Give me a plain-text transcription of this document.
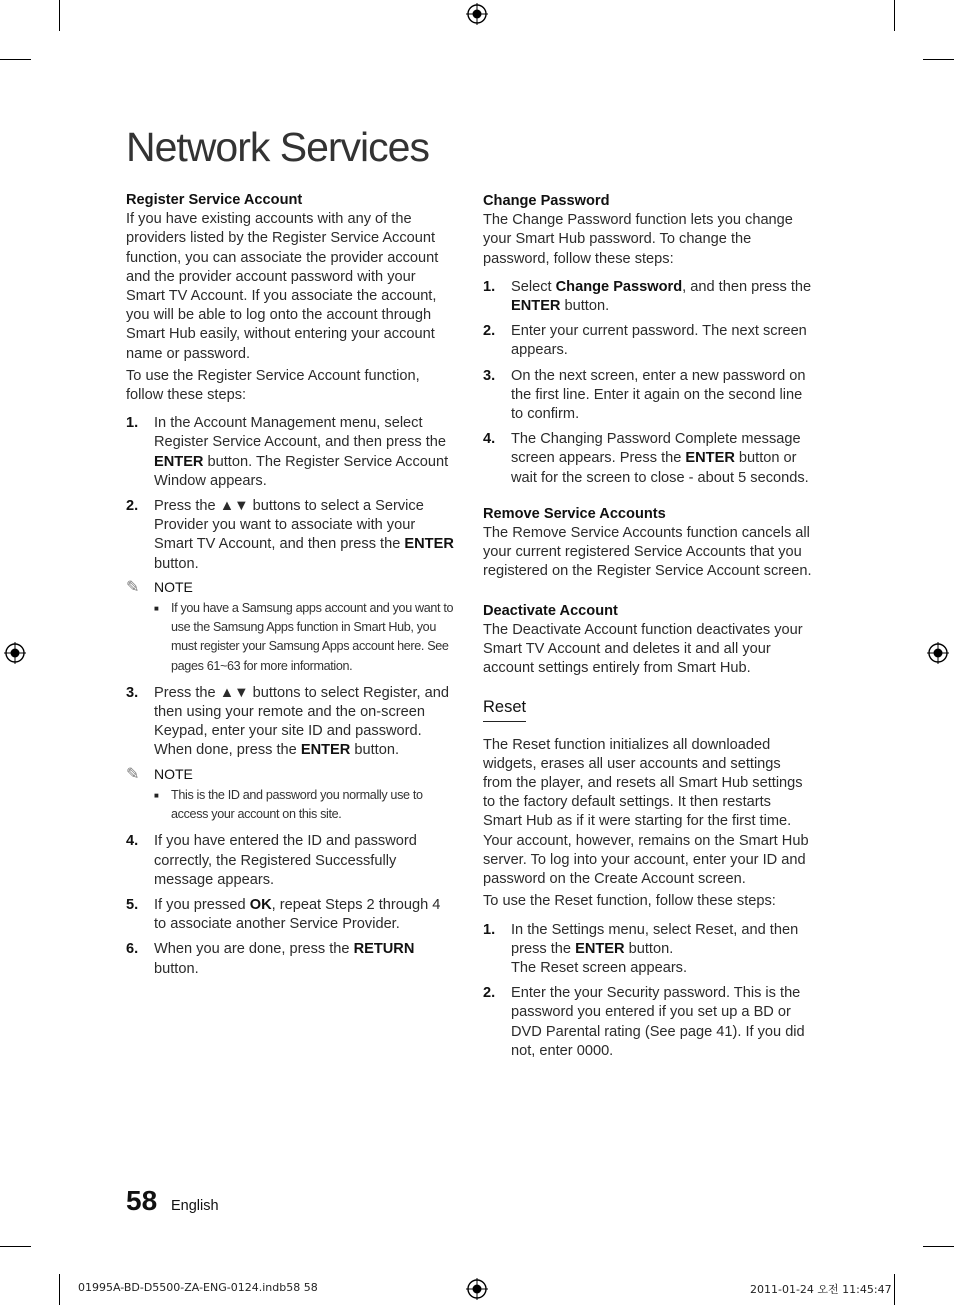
Network Services

Register Service Account

If you have existing accounts with any of the providers listed by the Register Service Account function, you can associate the provider account and the provider account password with your Smart TV Account. If you associate the account, you will be able to log onto the account through Smart Hub easily, without entering your account name or password.

To use the Register Service Account function, follow these steps:

1.	In the Account Management menu, select Register Service Account, and then press the ENTER button. The Register Service Account Window appears.
2.	Press the ▲▼ buttons to select a Service Provider you want to associate with your Smart TV Account, and then press the ENTER button.
✎	NOTE
■ If you have a Samsung apps account and you want to use the Samsung Apps function in Smart Hub, you must register your Samsung Apps account here. See pages 61~63 for more information.
3.	Press the ▲▼ buttons to select Register, and then using your remote and the on-screen Keypad, enter your site ID and password. When done, press the ENTER button.
✎	NOTE
■ This is the ID and password you normally use to access your account on this site.
4.	If you have entered the ID and password correctly, the Registered Successfully message appears.
5.	If you pressed OK, repeat Steps 2 through 4 to associate another Service Provider.
6.	When you are done, press the RETURN button.

Change Password

The Change Password function lets you change your Smart Hub password. To change the password, follow these steps:

1.	Select Change Password, and then press the ENTER button.
2.	Enter your current password. The next screen appears.
3.	On the next screen, enter a new password on the first line. Enter it again on the second line to confirm.
4.	The Changing Password Complete message screen appears. Press the ENTER button or wait for the screen to close - about 5 seconds.

Remove Service Accounts

The Remove Service Accounts function cancels all your current registered Service Accounts that you registered on the Register Service Account screen.

Deactivate Account

The Deactivate Account function deactivates your Smart TV Account and deletes it and all your account settings entirely from Smart Hub.

Reset

The Reset function initializes all downloaded widgets, erases all user accounts and settings from the player, and resets all Smart Hub settings to the factory default settings. It then restarts Smart Hub as if it were starting for the first time. Your account, however, remains on the Smart Hub server. To log into your account, enter your ID and password on the Create Account screen.

To use the Reset function, follow these steps:

1.	In the Settings menu, select Reset, and then press the ENTER button.
The Reset screen appears.
2.	Enter the your Security password. This is the password you entered if you set up a BD or DVD Parental rating (See page 41). If you did not, enter 0000.
58 English
01995A-BD-D5500-ZA-ENG-0124.indb58 58	2011-01-24 오전 11:45:47
